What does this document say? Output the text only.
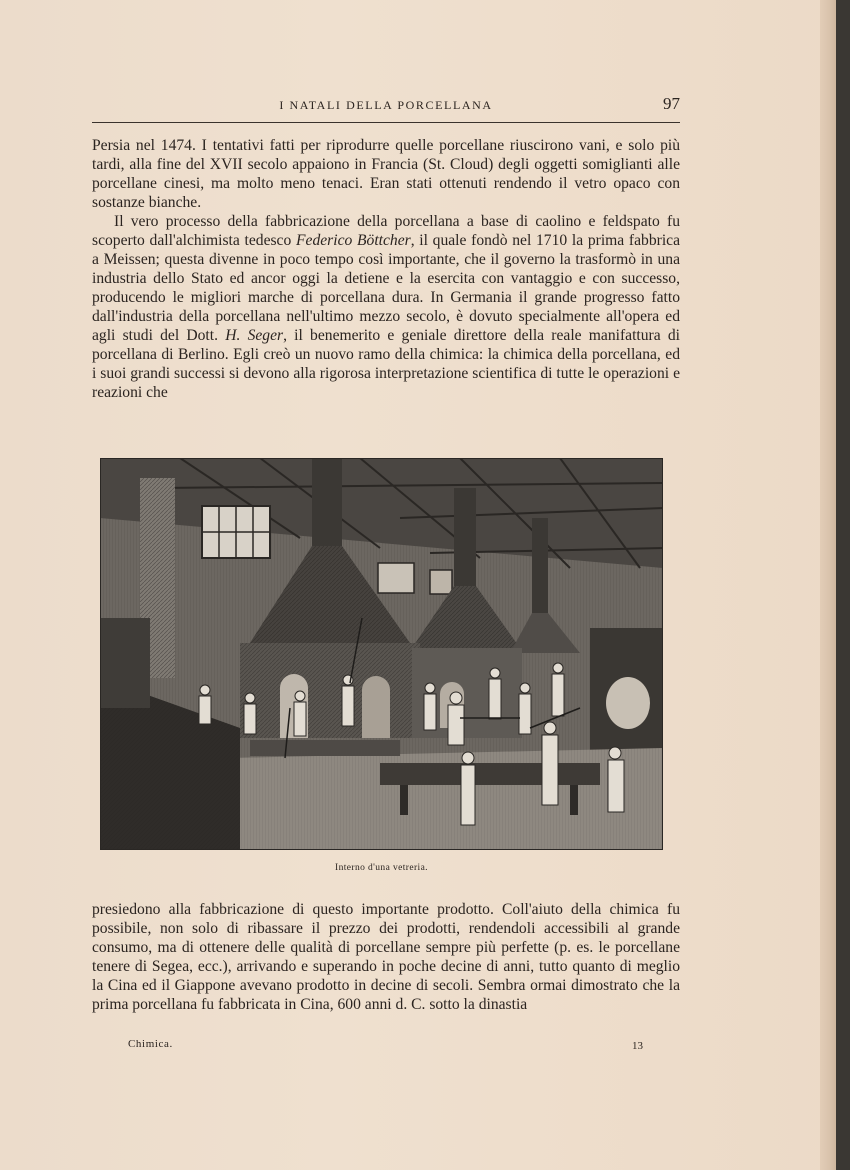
I NATALI DELLA PORCELLANA	97

Persia nel 1474. I tentativi fatti per riprodurre quelle porcellane riuscirono vani, e solo più tardi, alla fine del XVII secolo appaiono in Francia (St. Cloud) degli oggetti somiglianti alle porcellane cinesi, ma molto meno tenaci. Eran stati ottenuti rendendo il vetro opaco con sostanze bianche.

Il vero processo della fabbricazione della porcellana a base di caolino e feldspato fu scoperto dall'alchimista tedesco Federico Böttcher, il quale fondò nel 1710 la prima fabbrica a Meissen; questa divenne in poco tempo così importante, che il governo la trasformò in una industria dello Stato ed ancor oggi la detiene e la esercita con vantaggio e con successo, producendo le migliori marche di porcellana dura. In Germania il grande progresso fatto dall'industria della porcellana nell'ultimo mezzo secolo, è dovuto specialmente all'opera ed agli studi del Dott. H. Seger, il benemerito e geniale direttore della reale manifattura di porcellana di Berlino. Egli creò un nuovo ramo della chimica: la chimica della porcellana, ed i suoi grandi successi si devono alla rigorosa interpretazione scientifica di tutte le operazioni e reazioni che

Interno d'una vetreria.

presiedono alla fabbricazione di questo importante prodotto. Coll'aiuto della chimica fu possibile, non solo di ribassare il prezzo dei prodotti, rendendoli accessibili al grande consumo, ma di ottenere delle qualità di porcellane sempre più perfette (p. es. le porcellane tenere di Segea, ecc.), arrivando e superando in poche decine di anni, tutto quanto di meglio la Cina ed il Giappone avevano prodotto in decine di secoli. Sembra ormai dimostrato che la prima porcellana fu fabbricata in Cina, 600 anni d. C. sotto la dinastia

Chimica.	13
